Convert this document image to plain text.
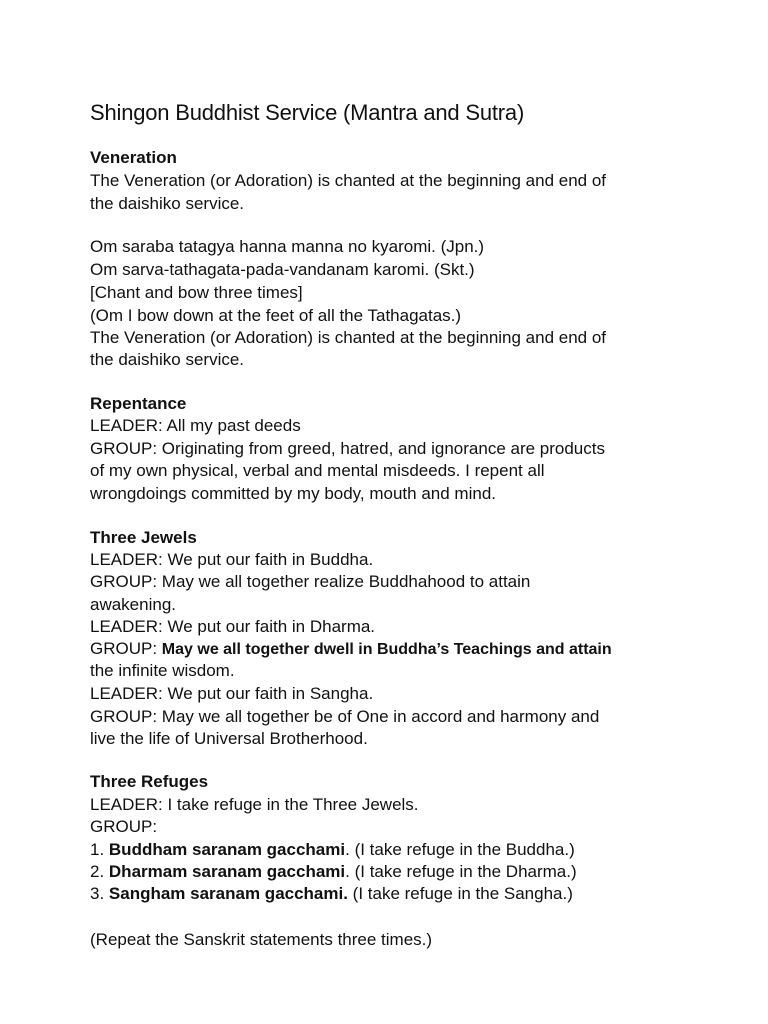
Shingon Buddhist Service (Mantra and Sutra)
Veneration
The Veneration (or Adoration) is chanted at the beginning and end of
the daishiko service.
Om saraba tatagya hanna manna no kyaromi. (Jpn.)
Om sarva-tathagata-pada-vandanam karomi. (Skt.)
[Chant and bow three times]
(Om I bow down at the feet of all the Tathagatas.)
The Veneration (or Adoration) is chanted at the beginning and end of
the daishiko service.
Repentance
LEADER: All my past deeds
GROUP: Originating from greed, hatred, and ignorance are products
of my own physical, verbal and mental misdeeds. I repent all
wrongdoings committed by my body, mouth and mind.
Three Jewels
LEADER: We put our faith in Buddha.
GROUP: May we all together realize Buddhahood to attain
awakening.
LEADER: We put our faith in Dharma.
GROUP: May we all together dwell in Buddha’s Teachings and attain
the infinite wisdom.
LEADER: We put our faith in Sangha.
GROUP: May we all together be of One in accord and harmony and
live the life of Universal Brotherhood.
Three Refuges
LEADER: I take refuge in the Three Jewels.
GROUP:
1. Buddham saranam gacchami. (I take refuge in the Buddha.)
2. Dharmam saranam gacchami. (I take refuge in the Dharma.)
3. Sangham saranam gacchami. (I take refuge in the Sangha.)
(Repeat the Sanskrit statements three times.)
